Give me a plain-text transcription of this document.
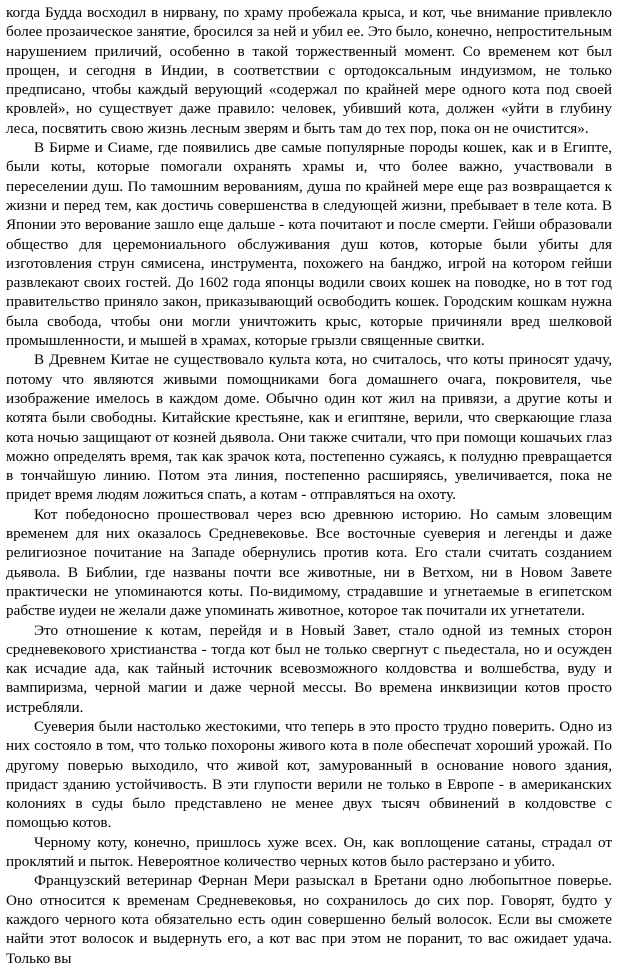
когда Будда восходил в нирвану, по храму пробежала крыса, и кот, чье внимание привлекло более прозаическое занятие, бросился за ней и убил ее. Это было, конечно, непростительным нарушением приличий, особенно в такой торжественный момент. Со временем кот был прощен, и сегодня в Индии, в соответствии с ортодоксальным индуизмом, не только предписано, чтобы каждый верующий «содержал по крайней мере одного кота под своей кровлей», но существует даже правило: человек, убивший кота, должен «уйти в глубину леса, посвятить свою жизнь лесным зверям и быть там до тех пор, пока он не очистится».

В Бирме и Сиаме, где появились две самые популярные породы кошек, как и в Египте, были коты, которые помогали охранять храмы и, что более важно, участвовали в переселении душ. По тамошним верованиям, душа по крайней мере еще раз возвращается к жизни и перед тем, как достичь совершенства в следующей жизни, пребывает в теле кота. В Японии это верование зашло еще дальше - кота почитают и после смерти. Гейши образовали общество для церемониального обслуживания душ котов, которые были убиты для изготовления струн сямисена, инструмента, похожего на банджо, игрой на котором гейши развлекают своих гостей. До 1602 года японцы водили своих кошек на поводке, но в тот год правительство приняло закон, приказывающий освободить кошек. Городским кошкам нужна была свобода, чтобы они могли уничтожить крыс, которые причиняли вред шелковой промышленности, и мышей в храмах, которые грызли священные свитки.

В Древнем Китае не существовало культа кота, но считалось, что коты приносят удачу, потому что являются живыми помощниками бога домашнего очага, покровителя, чье изображение имелось в каждом доме. Обычно один кот жил на привязи, а другие коты и котята были свободны. Китайские крестьяне, как и египтяне, верили, что сверкающие глаза кота ночью защищают от козней дьявола. Они также считали, что при помощи кошачьих глаз можно определять время, так как зрачок кота, постепенно сужаясь, к полудню превращается в тончайшую линию. Потом эта линия, постепенно расширяясь, увеличивается, пока не придет время людям ложиться спать, а котам - отправляться на охоту.

Кот победоносно прошествовал через всю древнюю историю. Но самым зловещим временем для них оказалось Средневековье. Все восточные суеверия и легенды и даже религиозное почитание на Западе обернулись против кота. Его стали считать созданием дьявола. В Библии, где названы почти все животные, ни в Ветхом, ни в Новом Завете практически не упоминаются коты. По-видимому, страдавшие и угнетаемые в египетском рабстве иудеи не желали даже упоминать животное, которое так почитали их угнетатели.

Это отношение к котам, перейдя и в Новый Завет, стало одной из темных сторон средневекового христианства - тогда кот был не только свергнут с пьедестала, но и осужден как исчадие ада, как тайный источник всевозможного колдовства и волшебства, вуду и вампиризма, черной магии и даже черной мессы. Во времена инквизиции котов просто истребляли.

Суеверия были настолько жестокими, что теперь в это просто трудно поверить. Одно из них состояло в том, что только похороны живого кота в поле обеспечат хороший урожай. По другому поверью выходило, что живой кот, замурованный в основание нового здания, придаст зданию устойчивость. В эти глупости верили не только в Европе - в американских колониях в суды было представлено не менее двух тысяч обвинений в колдовстве с помощью котов.

Черному коту, конечно, пришлось хуже всех. Он, как воплощение сатаны, страдал от проклятий и пыток. Невероятное количество черных котов было растерзано и убито.

Французский ветеринар Фернан Мери разыскал в Бретани одно любопытное поверье. Оно относится к временам Средневековья, но сохранилось до сих пор. Говорят, будто у каждого черного кота обязательно есть один совершенно белый волосок. Если вы сможете найти этот волосок и выдернуть его, а кот вас при этом не поранит, то вас ожидает удача. Только вы
